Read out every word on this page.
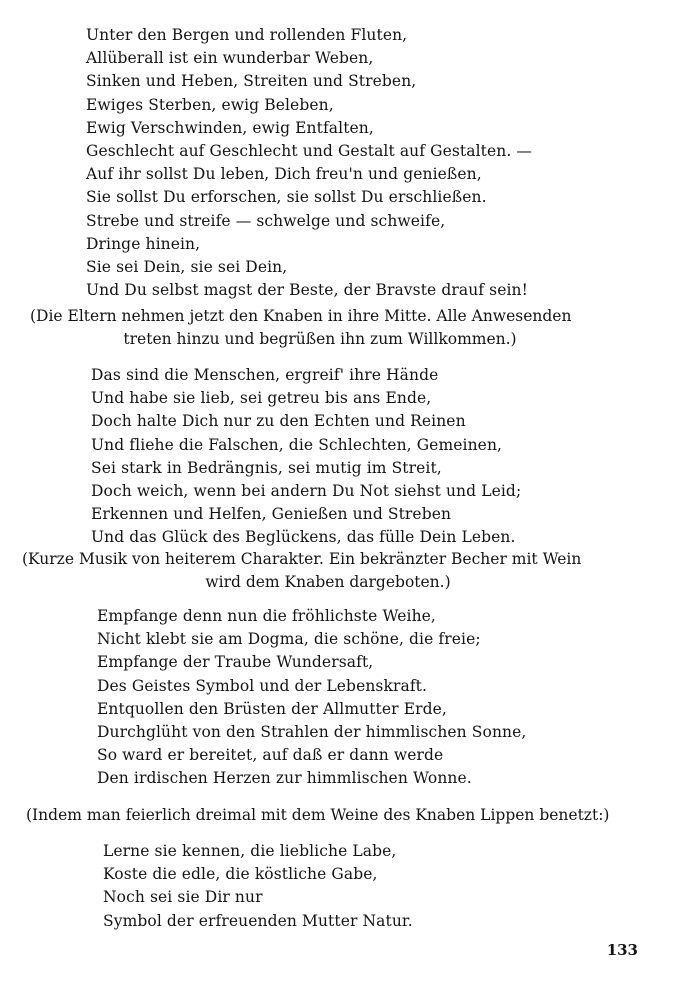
Unter den Bergen und rollenden Fluten,
Allüberall ist ein wunderbar Weben,
Sinken und Heben, Streiten und Streben,
Ewiges Sterben, ewig Beleben,
Ewig Verschwinden, ewig Entfalten,
Geschlecht auf Geschlecht und Gestalt auf Gestalten. —
Auf ihr sollst Du leben, Dich freu'n und genießen,
Sie sollst Du erforschen, sie sollst Du erschließen.
Strebe und streife — schwelge und schweife,
Dringe hinein,
Sie sei Dein, sie sei Dein,
Und Du selbst magst der Beste, der Bravste drauf sein!

(Die Eltern nehmen jetzt den Knaben in ihre Mitte. Alle Anwesenden
treten hinzu und begrüßen ihn zum Willkommen.)

Das sind die Menschen, ergreif' ihre Hände
Und habe sie lieb, sei getreu bis ans Ende,
Doch halte Dich nur zu den Echten und Reinen
Und fliehe die Falschen, die Schlechten, Gemeinen,
Sei stark in Bedrängnis, sei mutig im Streit,
Doch weich, wenn bei andern Du Not siehst und Leid;
Erkennen und Helfen, Genießen und Streben
Und das Glück des Beglückens, das fülle Dein Leben.

(Kurze Musik von heiterem Charakter. Ein bekränzter Becher mit Wein
wird dem Knaben dargeboten.)

Empfange denn nun die fröhlichste Weihe,
Nicht klebt sie am Dogma, die schöne, die freie;
Empfange der Traube Wundersaft,
Des Geistes Symbol und der Lebenskraft.
Entquollen den Brüsten der Allmutter Erde,
Durchglüht von den Strahlen der himmlischen Sonne,
So ward er bereitet, auf daß er dann werde
Den irdischen Herzen zur himmlischen Wonne.

(Indem man feierlich dreimal mit dem Weine des Knaben Lippen benetzt:)

Lerne sie kennen, die liebliche Labe,
Koste die edle, die köstliche Gabe,
Noch sei sie Dir nur
Symbol der erfreuenden Mutter Natur.

133
